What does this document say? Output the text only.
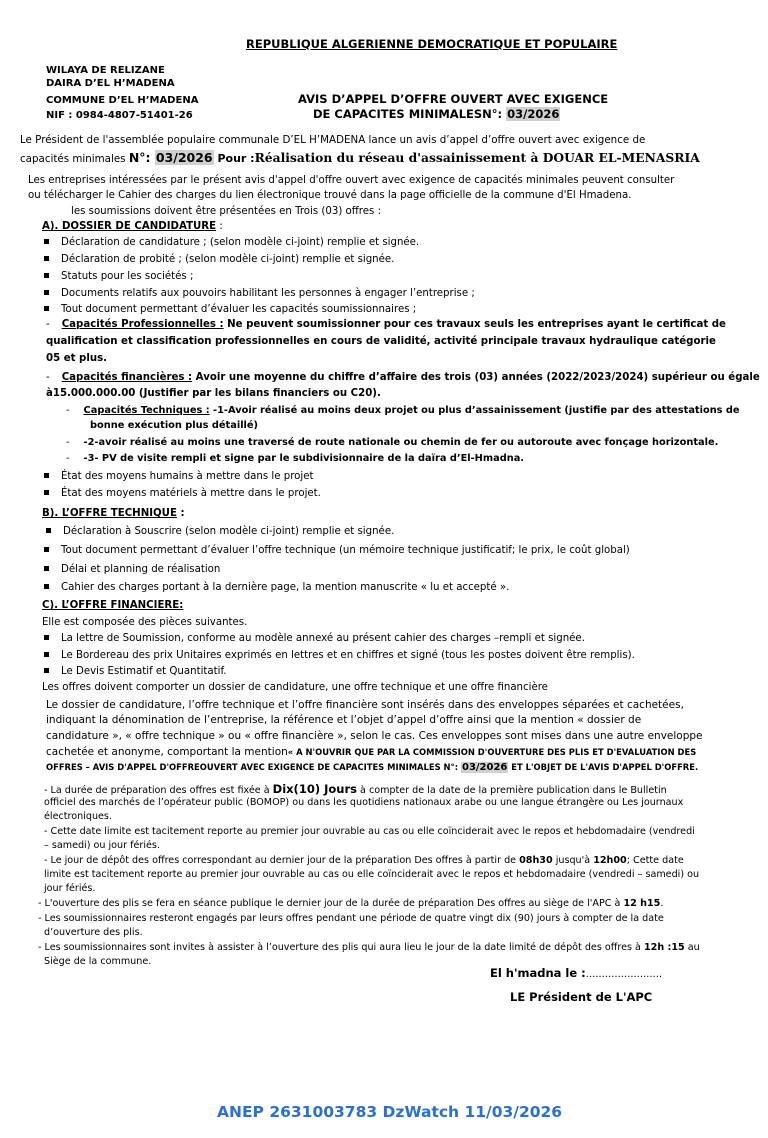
REPUBLIQUE ALGERIENNE DEMOCRATIQUE ET POPULAIRE
WILAYA DE RELIZANE
DAIRA D’EL H’MADENA
COMMUNE D’EL H’MADENA
NIF : 0984-4807-51401-26
AVIS D’APPEL D’OFFRE OUVERT AVEC EXIGENCE
DE CAPACITES MINIMALESN°: 03/2026
Le Président de l'assemblée populaire communale D’EL H’MADENA lance un avis d’appel d’offre ouvert avec exigence de
capacités minimales N°: 03/2026 Pour :Réalisation du réseau d'assainissement à DOUAR EL-MENASRIA
Les entreprises intéressées par le présent avis d'appel d'offre ouvert avec exigence de capacités minimales peuvent consulter
ou télécharger le Cahier des charges du lien électronique trouvé dans la page officielle de la commune d'El Hmadena.
les soumissions doivent être présentées en Trois (03) offres :
A). DOSSIER DE CANDIDATURE :
Déclaration de candidature ; (selon modèle ci-joint) remplie et signée.
Déclaration de probité ; (selon modèle ci-joint) remplie et signée.
Statuts pour les sociétés ;
Documents relatifs aux pouvoirs habilitant les personnes à engager l’entreprise ;
Tout document permettant d’évaluer les capacités soumissionnaires ;
- Capacités Professionnelles : Ne peuvent soumissionner pour ces travaux seuls les entreprises ayant le certificat de
qualification et classification professionnelles en cours de validité, activité principale travaux hydraulique catégorie
05 et plus.
- Capacités financières : Avoir une moyenne du chiffre d’affaire des trois (03) années (2022/2023/2024) supérieur ou égale
à15.000.000.00 (Justifier par les bilans financiers ou C20).
- Capacités Techniques : -1-Avoir réalisé au moins deux projet ou plus d’assainissement (justifie par des attestations de
bonne exécution plus détaillé)
- -2-avoir réalisé au moins une traversé de route nationale ou chemin de fer ou autoroute avec fonçage horizontale.
- -3- PV de visite rempli et signe par le subdivisionnaire de la daïra d’El-Hmadna.
État des moyens humains à mettre dans le projet
État des moyens matériels à mettre dans le projet.
B). L’OFFRE TECHNIQUE :
Déclaration à Souscrire (selon modèle ci-joint) remplie et signée.
Tout document permettant d’évaluer l’offre technique (un mémoire technique justificatif; le prix, le coût global)
Délai et planning de réalisation
Cahier des charges portant à la dernière page, la mention manuscrite « lu et accepté ».
C). L’OFFRE FINANCIERE:
Elle est composée des pièces suivantes.
La lettre de Soumission, conforme au modèle annexé au présent cahier des charges –rempli et signée.
Le Bordereau des prix Unitaires exprimés en lettres et en chiffres et signé (tous les postes doivent être remplis).
Le Devis Estimatif et Quantitatif.
Les offres doivent comporter un dossier de candidature, une offre technique et une offre financière
Le dossier de candidature, l’offre technique et l’offre financière sont insérés dans des enveloppes séparées et cachetées,
indiquant la dénomination de l’entreprise, la référence et l’objet d’appel d’offre ainsi que la mention « dossier de
candidature », « offre technique » ou « offre financière », selon le cas. Ces enveloppes sont mises dans une autre enveloppe
cachetée et anonyme, comportant la mention« A N'OUVRIR QUE PAR LA COMMISSION D'OUVERTURE DES PLIS ET D'EVALUATION DES
OFFRES – AVIS D'APPEL D'OFFREOUVERT AVEC EXIGENCE DE CAPACITES MINIMALES N°: 03/2026 ET L'OBJET DE L'AVIS D'APPEL D'OFFRE.
- La durée de préparation des offres est fixée à Dix(10) Jours à compter de la date de la première publication dans le Bulletin
officiel des marchés de l’opérateur public (BOMOP) ou dans les quotidiens nationaux arabe ou une langue étrangère ou Les journaux
électroniques.
- Cette date limite est tacitement reporte au premier jour ouvrable au cas ou elle coïnciderait avec le repos et hebdomadaire (vendredi
– samedi) ou jour fériés.
- Le jour de dépôt des offres correspondant au dernier jour de la préparation Des offres à partir de 08h30 jusqu'à 12h00; Cette date
limite est tacitement reporte au premier jour ouvrable au cas ou elle coïnciderait avec le repos et hebdomadaire (vendredi – samedi) ou
jour fériés.
- L'ouverture des plis se fera en séance publique le dernier jour de la durée de préparation Des offres au siège de l'APC à 12 h15.
- Les soumissionnaires resteront engagés par leurs offres pendant une période de quatre vingt dix (90) jours à compter de la date
d’ouverture des plis.
- Les soumissionnaires sont invites à assister à l’ouverture des plis qui aura lieu le jour de la date limité de dépôt des offres à 12h :15 au
Siège de la commune.
El h'madna le :........................
LE Président de L'APC
ANEP 2631003783 DzWatch 11/03/2026
